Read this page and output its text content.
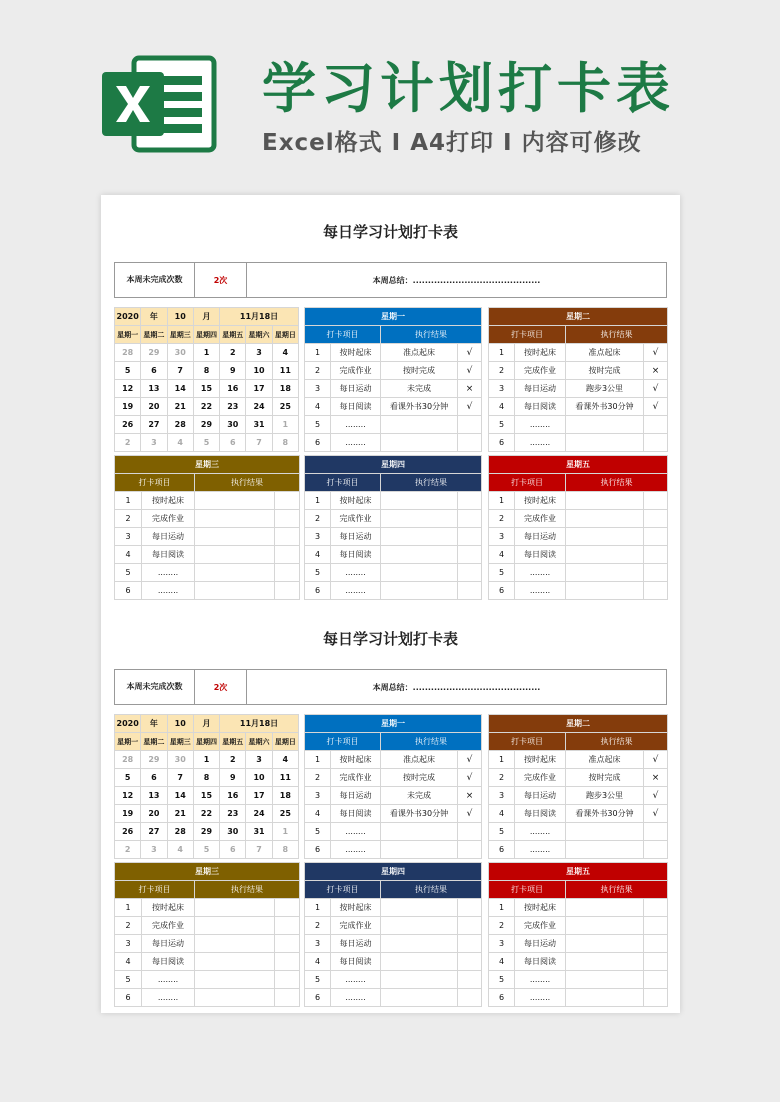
学习计划打卡表
Excel格式 I A4打印 I 内容可修改
每日学习计划打卡表
本周 未完成次数	2次	本周总结：..........................................
2020	年	10	月	11月18日		
星期一	星期二	星期三	星期四	星期五	星期六	星期日
28	29	30	1	2	3	4
5	6	7	8	9	10	11
12	13	14	15	16	17	18
19	20	21	22	23	24	25
26	27	28	29	30	31	1
2	3	4	5	6	7	8
星期一			
打卡项目		执行结果	
1	按时起床	准点起床	√
2	完成作业	按时完成	√
3	每日运动	未完成	×
4	每日阅读	看课外书30分钟	√
5	........		
6	........		
星期二			
打卡项目		执行结果	
1	按时起床	准点起床	√
2	完成作业	按时完成	×
3	每日运动	跑步3公里	√
4	每日阅读	看课外书30分钟	√
5	........		
6	........		
星期三			
打卡项目		执行结果	
1	按时起床		
2	完成作业		
3	每日运动		
4	每日阅读		
5	........		
6	........		
星期四			
打卡项目		执行结果	
1	按时起床		
2	完成作业		
3	每日运动		
4	每日阅读		
5	........		
6	........		
星期五			
打卡项目		执行结果	
1	按时起床		
2	完成作业		
3	每日运动		
4	每日阅读		
5	........		
6	........		
每日学习计划打卡表
本周 未完成次数	2次	本周总结：..........................................
2020	年	10	月	11月18日		
星期一	星期二	星期三	星期四	星期五	星期六	星期日
28	29	30	1	2	3	4
5	6	7	8	9	10	11
12	13	14	15	16	17	18
19	20	21	22	23	24	25
26	27	28	29	30	31	1
2	3	4	5	6	7	8
星期一			
打卡项目		执行结果	
1	按时起床	准点起床	√
2	完成作业	按时完成	√
3	每日运动	未完成	×
4	每日阅读	看课外书30分钟	√
5	........		
6	........		
星期二			
打卡项目		执行结果	
1	按时起床	准点起床	√
2	完成作业	按时完成	×
3	每日运动	跑步3公里	√
4	每日阅读	看课外书30分钟	√
5	........		
6	........		
星期三			
打卡项目		执行结果	
1	按时起床		
2	完成作业		
3	每日运动		
4	每日阅读		
5	........		
6	........		
星期四			
打卡项目		执行结果	
1	按时起床		
2	完成作业		
3	每日运动		
4	每日阅读		
5	........		
6	........		
星期五			
打卡项目		执行结果	
1	按时起床		
2	完成作业		
3	每日运动		
4	每日阅读		
5	........		
6	........		
